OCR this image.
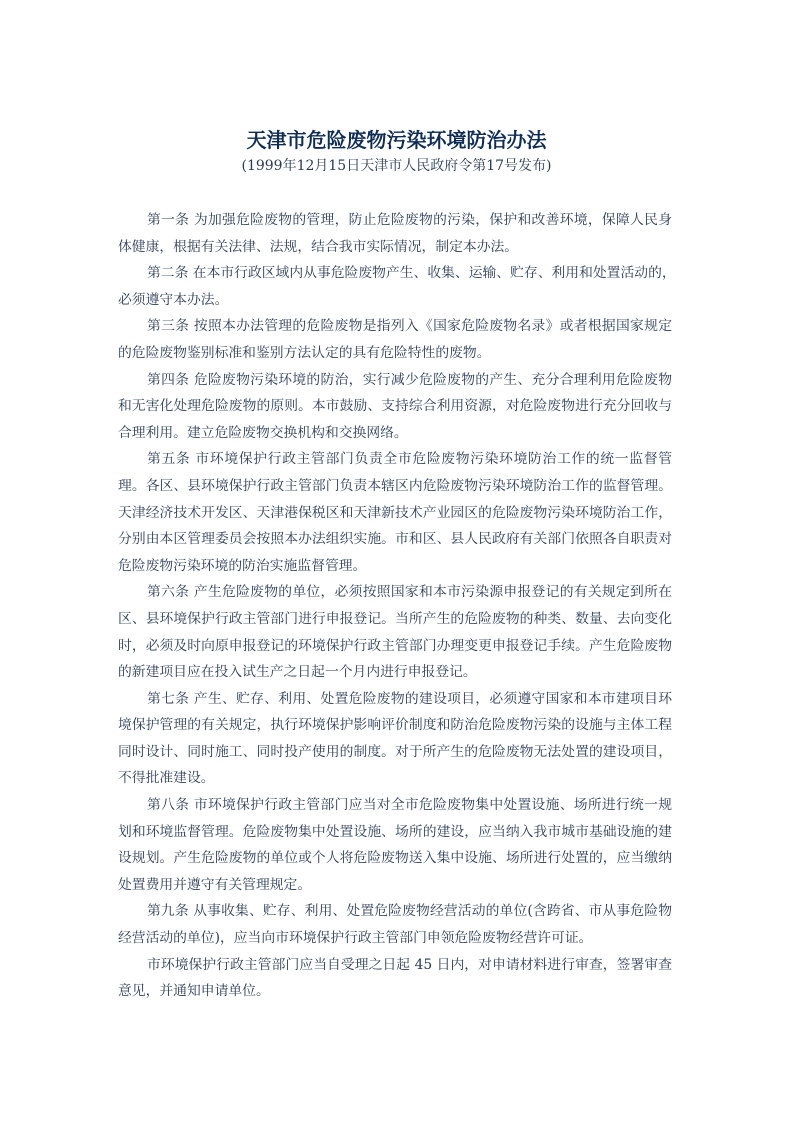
天津市危险废物污染环境防治办法
(1999年12月15日天津市人民政府令第17号发布)
第一条 为加强危险废物的管理，防止危险废物的污染，保护和改善环境，保障人民身
体健康，根据有关法律、法规，结合我市实际情况，制定本办法。
第二条 在本市行政区域内从事危险废物产生、收集、运输、贮存、利用和处置活动的，
必须遵守本办法。
第三条 按照本办法管理的危险废物是指列入《国家危险废物名录》或者根据国家规定
的危险废物鉴别标准和鉴别方法认定的具有危险特性的废物。
第四条 危险废物污染环境的防治，实行减少危险废物的产生、充分合理利用危险废物
和无害化处理危险废物的原则。本市鼓励、支持综合利用资源，对危险废物进行充分回收与
合理利用。建立危险废物交换机构和交换网络。
第五条 市环境保护行政主管部门负责全市危险废物污染环境防治工作的统一监督管
理。各区、县环境保护行政主管部门负责本辖区内危险废物污染环境防治工作的监督管理。
天津经济技术开发区、天津港保税区和天津新技术产业园区的危险废物污染环境防治工作，
分别由本区管理委员会按照本办法组织实施。市和区、县人民政府有关部门依照各自职责对
危险废物污染环境的防治实施监督管理。
第六条 产生危险废物的单位，必须按照国家和本市污染源申报登记的有关规定到所在
区、县环境保护行政主管部门进行申报登记。当所产生的危险废物的种类、数量、去向变化
时，必须及时向原申报登记的环境保护行政主管部门办理变更申报登记手续。产生危险废物
的新建项目应在投入试生产之日起一个月内进行申报登记。
第七条 产生、贮存、利用、处置危险废物的建设项目，必须遵守国家和本市建项目环
境保护管理的有关规定，执行环境保护影响评价制度和防治危险废物污染的设施与主体工程
同时设计、同时施工、同时投产使用的制度。对于所产生的危险废物无法处置的建设项目，
不得批准建设。
第八条 市环境保护行政主管部门应当对全市危险废物集中处置设施、场所进行统一规
划和环境监督管理。危险废物集中处置设施、场所的建设，应当纳入我市城市基础设施的建
设规划。产生危险废物的单位或个人将危险废物送入集中设施、场所进行处置的，应当缴纳
处置费用并遵守有关管理规定。
第九条 从事收集、贮存、利用、处置危险废物经营活动的单位(含跨省、市从事危险物
经营活动的单位)，应当向市环境保护行政主管部门申领危险废物经营许可证。
市环境保护行政主管部门应当自受理之日起 45 日内，对申请材料进行审查，签署审查
意见，并通知申请单位。
